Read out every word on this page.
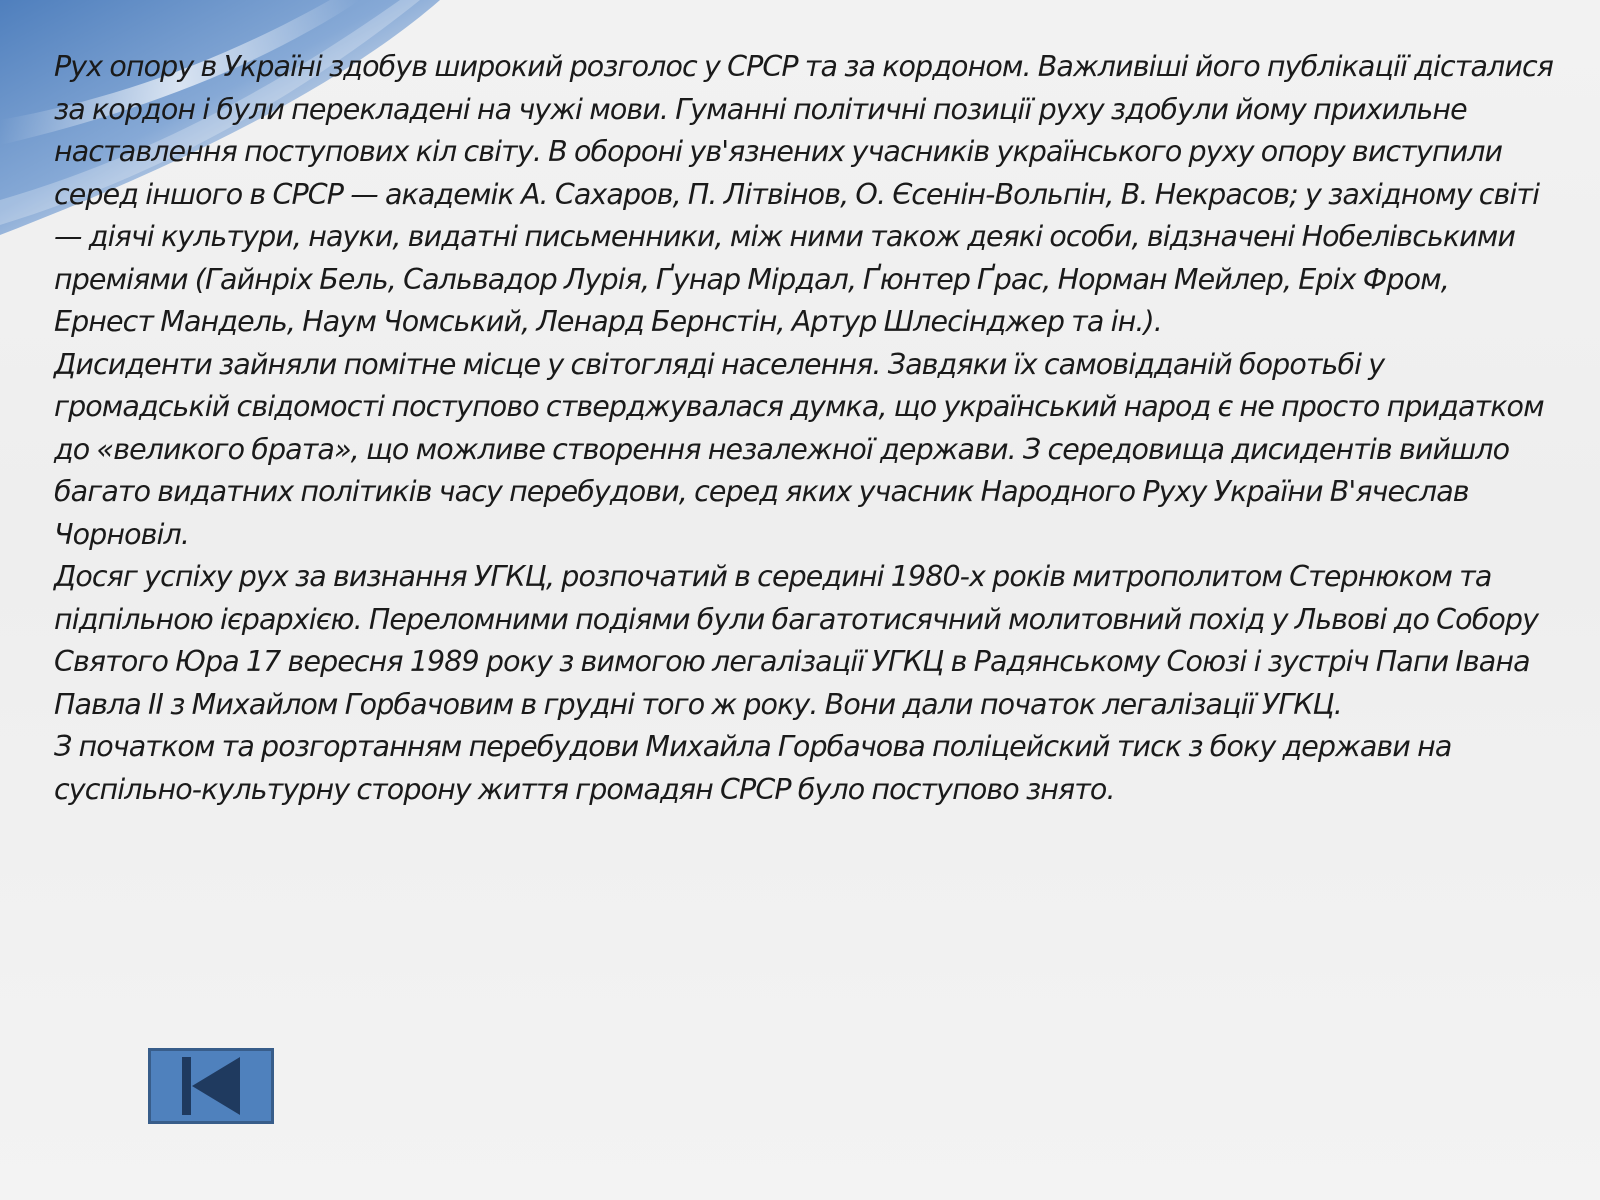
Рух опору в Україні здобув широкий розголос у СРСР та за кордоном. Важливіші його публікації дісталися за кордон і були перекладені на чужі мови. Гуманні політичні позиції руху здобули йому прихильне наставлення поступових кіл світу. В обороні ув'язнених учасників українського руху опору виступили серед іншого в СРСР — академік А. Сахаров, П. Літвінов, О. Єсенін-Вольпін, В. Некрасов; у західному світі — діячі культури, науки, видатні письменники, між ними також деякі особи, відзначені Нобелівськими преміями (Гайнріх Бель, Сальвадор Лурія, Ґунар Мірдал, Ґюнтер Ґрас, Норман Мейлер, Еріх Фром, Ернест Мандель, Наум Чомський, Ленард Бернстін, Артур Шлесінджер та ін.).

Дисиденти зайняли помітне місце у світогляді населення. Завдяки їх самовідданій боротьбі у громадській свідомості поступово стверджувалася думка, що український народ є не просто придатком до «великого брата», що можливе створення незалежної держави. З середовища дисидентів вийшло багато видатних політиків часу перебудови, серед яких учасник Народного Руху України В'ячеслав Чорновіл.

Досяг успіху рух за визнання УГКЦ, розпочатий в середині 1980-х років митрополитом Стернюком та підпільною ієрархією. Переломними подіями були багатотисячний молитовний похід у Львові до Собору Святого Юра 17 вересня 1989 року з вимогою легалізації УГКЦ в Радянському Союзі і зустріч Папи Івана Павла II з Михайлом Горбачовим в грудні того ж року. Вони дали початок легалізації УГКЦ.

З початком та розгортанням перебудови Михайла Горбачова поліцейский тиск з боку держави на суспільно-культурну сторону життя громадян СРСР було поступово знято.
